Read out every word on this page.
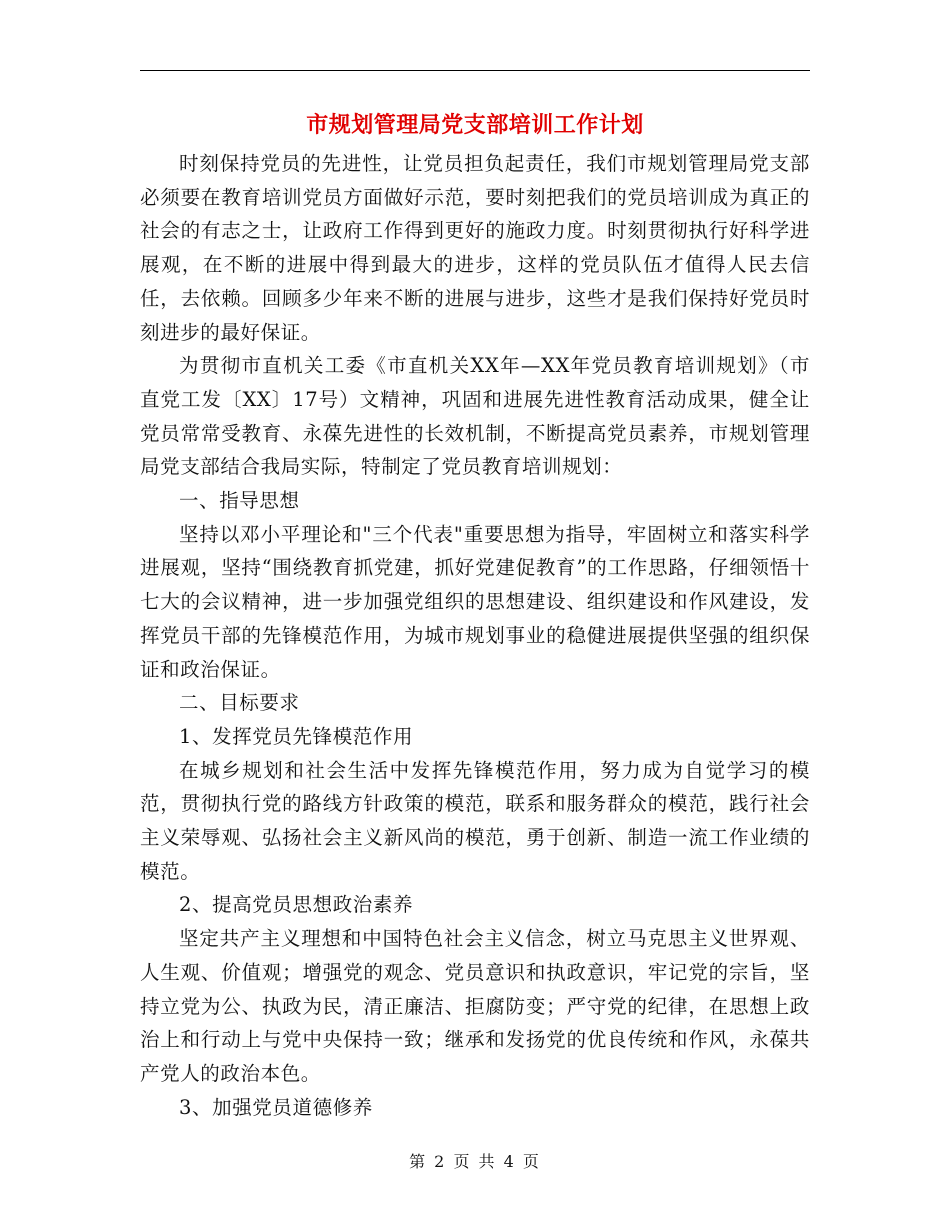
市规划管理局党支部培训工作计划

时刻保持党员的先进性，让党员担负起责任，我们市规划管理局党支部必须要在教育培训党员方面做好示范，要时刻把我们的党员培训成为真正的社会的有志之士，让政府工作得到更好的施政力度。时刻贯彻执行好科学进展观，在不断的进展中得到最大的进步，这样的党员队伍才值得人民去信任，去依赖。回顾多少年来不断的进展与进步，这些才是我们保持好党员时刻进步的最好保证。

为贯彻市直机关工委《市直机关XX年—XX年党员教育培训规划》（市直党工发〔XX〕17号）文精神，巩固和进展先进性教育活动成果，健全让党员常常受教育、永葆先进性的长效机制，不断提高党员素养，市规划管理局党支部结合我局实际，特制定了党员教育培训规划：

一、指导思想

坚持以邓小平理论和"三个代表"重要思想为指导，牢固树立和落实科学进展观，坚持“围绕教育抓党建，抓好党建促教育”的工作思路，仔细领悟十七大的会议精神，进一步加强党组织的思想建设、组织建设和作风建设，发挥党员干部的先锋模范作用，为城市规划事业的稳健进展提供坚强的组织保证和政治保证。

二、目标要求

1、发挥党员先锋模范作用

在城乡规划和社会生活中发挥先锋模范作用，努力成为自觉学习的模范，贯彻执行党的路线方针政策的模范，联系和服务群众的模范，践行社会主义荣辱观、弘扬社会主义新风尚的模范，勇于创新、制造一流工作业绩的模范。

2、提高党员思想政治素养

坚定共产主义理想和中国特色社会主义信念，树立马克思主义世界观、人生观、价值观；增强党的观念、党员意识和执政意识，牢记党的宗旨，坚持立党为公、执政为民，清正廉洁、拒腐防变；严守党的纪律，在思想上政治上和行动上与党中央保持一致；继承和发扬党的优良传统和作风，永葆共产党人的政治本色。

3、加强党员道德修养

第 2 页 共 4 页
